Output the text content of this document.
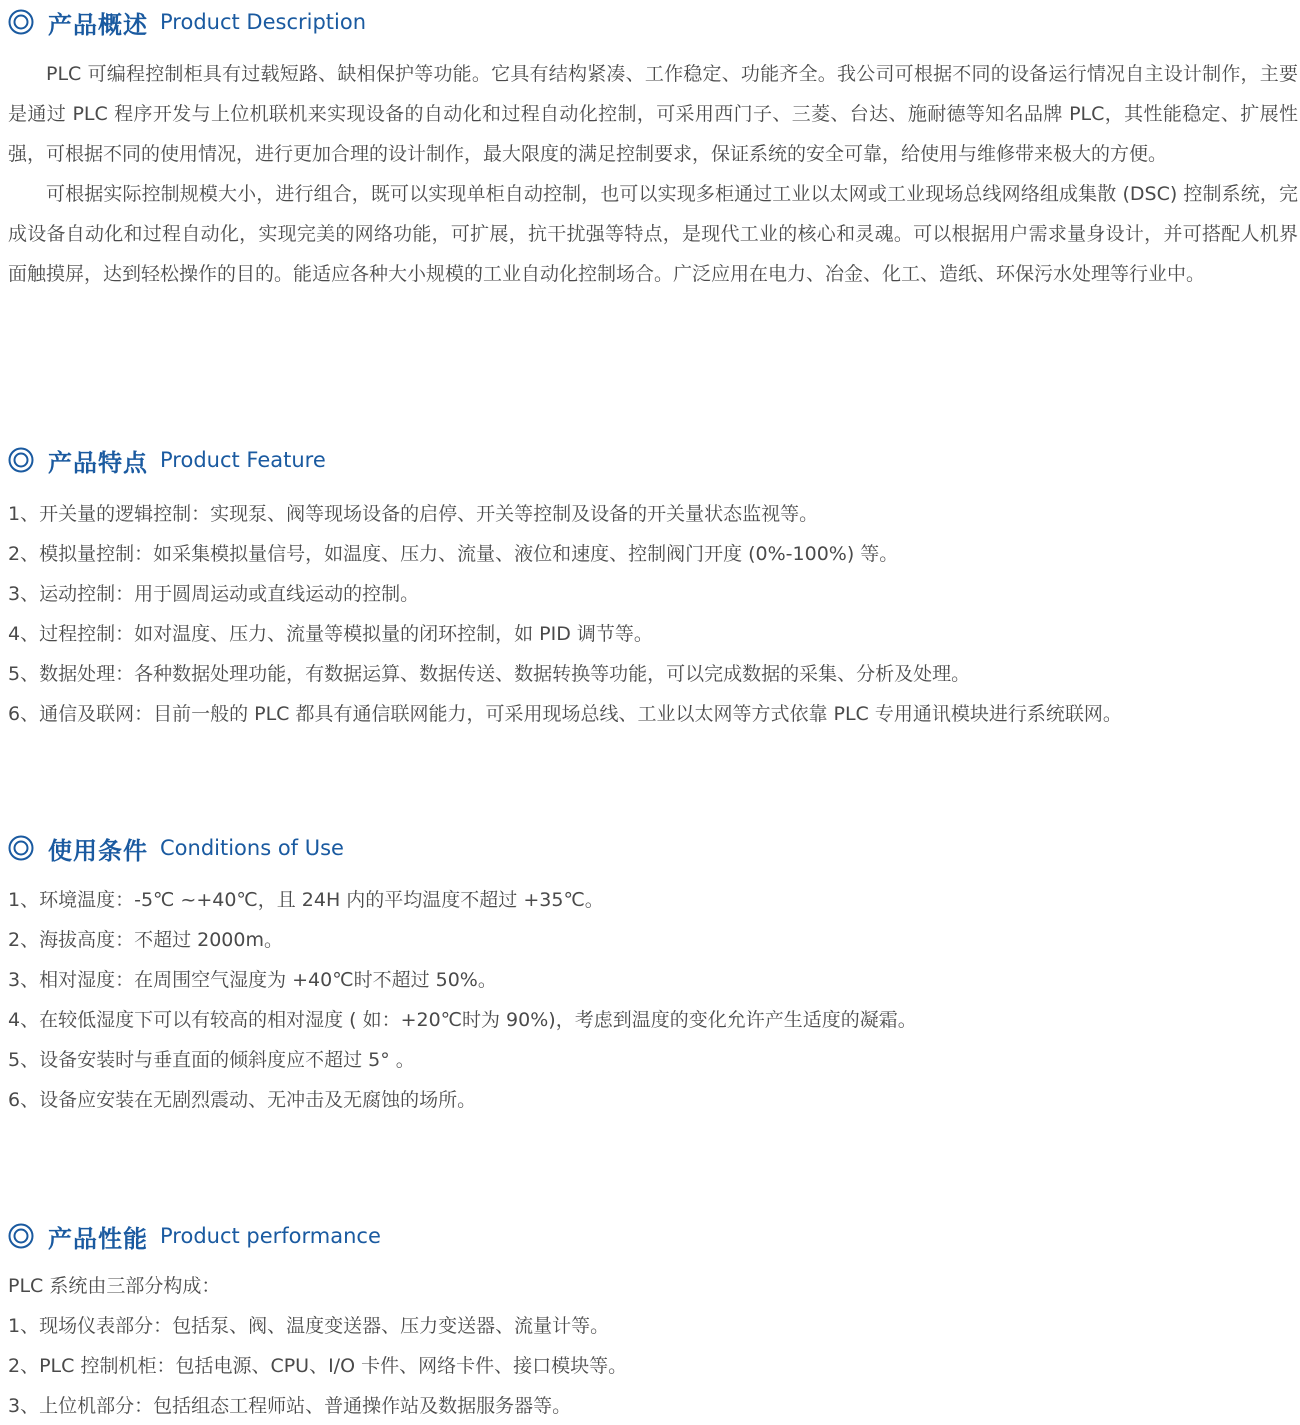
产品概述 Product Description

PLC 可编程控制柜具有过载短路、缺相保护等功能。它具有结构紧凑、工作稳定、功能齐全。我公司可根据不同的设备运行情况自主设计制作，主要是通过 PLC 程序开发与上位机联机来实现设备的自动化和过程自动化控制，可采用西门子、三菱、台达、施耐德等知名品牌 PLC，其性能稳定、扩展性强，可根据不同的使用情况，进行更加合理的设计制作，最大限度的满足控制要求，保证系统的安全可靠，给使用与维修带来极大的方便。

可根据实际控制规模大小，进行组合，既可以实现单柜自动控制，也可以实现多柜通过工业以太网或工业现场总线网络组成集散 (DSC) 控制系统，完成设备自动化和过程自动化，实现完美的网络功能，可扩展，抗干扰强等特点，是现代工业的核心和灵魂。可以根据用户需求量身设计，并可搭配人机界面触摸屏，达到轻松操作的目的。能适应各种大小规模的工业自动化控制场合。广泛应用在电力、冶金、化工、造纸、环保污水处理等行业中。

产品特点 Product Feature

1、开关量的逻辑控制：实现泵、阀等现场设备的启停、开关等控制及设备的开关量状态监视等。

2、模拟量控制：如采集模拟量信号，如温度、压力、流量、液位和速度、控制阀门开度 (0%-100%) 等。

3、运动控制：用于圆周运动或直线运动的控制。

4、过程控制：如对温度、压力、流量等模拟量的闭环控制，如 PID 调节等。

5、数据处理：各种数据处理功能，有数据运算、数据传送、数据转换等功能，可以完成数据的采集、分析及处理。

6、通信及联网：目前一般的 PLC 都具有通信联网能力，可采用现场总线、工业以太网等方式依靠 PLC 专用通讯模块进行系统联网。

使用条件 Conditions of Use

1、环境温度：-5℃ ~+40℃，且 24H 内的平均温度不超过 +35℃。

2、海拔高度：不超过 2000m。

3、相对湿度：在周围空气湿度为 +40℃时不超过 50%。

4、在较低湿度下可以有较高的相对湿度 ( 如：+20℃时为 90%)，考虑到温度的变化允许产生适度的凝霜。

5、设备安装时与垂直面的倾斜度应不超过 5° 。

6、设备应安装在无剧烈震动、无冲击及无腐蚀的场所。

产品性能 Product performance

PLC 系统由三部分构成：

1、现场仪表部分：包括泵、阀、温度变送器、压力变送器、流量计等。

2、PLC 控制机柜：包括电源、CPU、I/O 卡件、网络卡件、接口模块等。

3、上位机部分：包括组态工程师站、普通操作站及数据服务器等。
